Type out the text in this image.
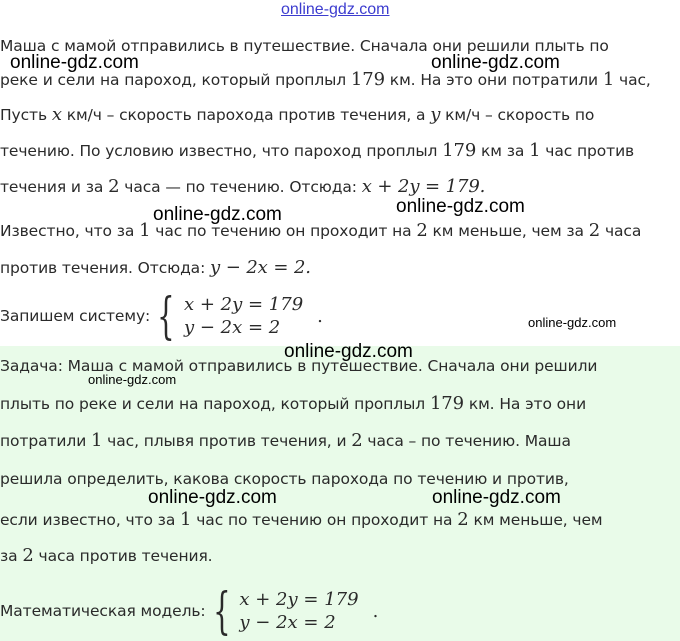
online-gdz.com
Маша с мамой отправились в путешествие. Сначала они решили плыть по
реке и сели на пароход, который проплыл 179 км. На это они потратили 1 час,
Пусть x км/ч – скорость парохода против течения, а y км/ч – скорость по
течению. По условию известно, что пароход проплыл 179 км за 1 час против
течения и за 2 часа — по течению. Отсюда: x + 2y = 179.
Известно, что за 1 час по течению он проходит на 2 км меньше, чем за 2 часа
против течения. Отсюда: y − 2x = 2.
Запишем систему: { x + 2y = 179
y − 2x = 2
.
Задача: Маша с мамой отправились в путешествие. Сначала они решили
плыть по реке и сели на пароход, который проплыл 179 км. На это они
потратили 1 час, плывя против течения, и 2 часа – по течению. Маша
решила определить, какова скорость парохода по течению и против,
если известно, что за 1 час по течению он проходит на 2 км меньше, чем
за 2 часа против течения.
Математическая модель: { x + 2y = 179
y − 2x = 2
.
online-gdz.com	online-gdz.com
online-gdz.com	online-gdz.com
online-gdz.com
online-gdz.com
online-gdz.com
online-gdz.com	online-gdz.com
